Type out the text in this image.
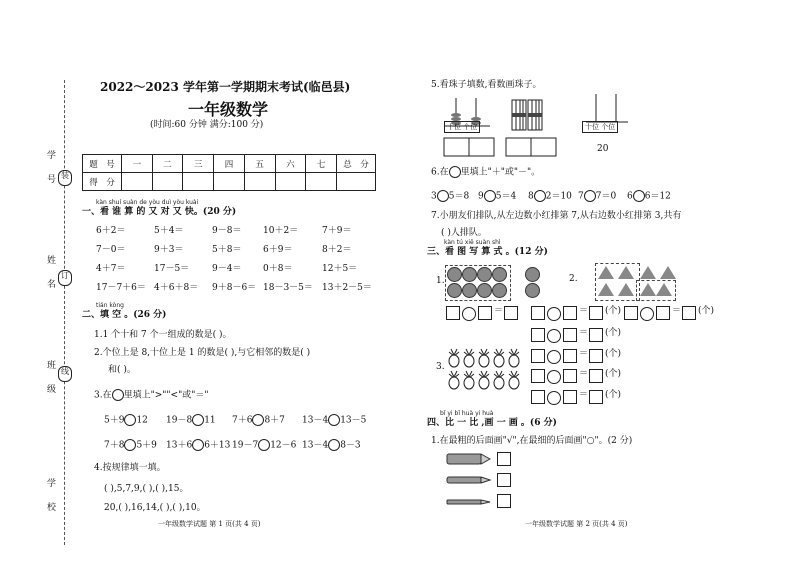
学 号
姓 名
班 级
学 校
装
订
线
2022～2023 学年第一学期期末考试(临邑县)
一年级数学
(时间:60 分钟 满分:100 分)
题　号	一	二	三	四	五	六	七	总　分
得　分								
kàn shuí suàn de yòu duì yòu kuài
一、看 谁 算 的 又 对 又 快。(20 分)
6＋2＝	5＋4＝	9－8＝ 10＋2＝	7＋9＝
7－0＝	9＋3＝	5＋8＝ 6＋9＝	8＋2＝
4＋7＝	17－5＝	9－4＝ 0＋8＝	12＋5＝
17－7＋6＝ 4＋6＋8＝ 9＋8－6＝ 18－3－5＝ 13＋2－5＝
tián kòng
二、填 空 。(26 分)
1.1 个十和 7 个一组成的数是( )。
2.个位上是 8,十位上是 1 的数是( ),与它相邻的数是( )
和( )。
3.在 里填上">""<"或"＝"
5＋9 12 19－8 11 7＋6 8＋7 13－4 13－5
7＋8 5＋9 13＋6 6＋13 19－7 12－6 13－4 8－3
4.按规律填一填。
( ),5,7,9,( ),( ),15。
20,( ),16,14,( ),( ),10。
一年级数学试题 第 1 页(共 4 页)
5.看珠子填数,看数画珠子。
十位 个位	十位 个位
20
6.在 里填上"＋"或"－"。
3 5＝8 9 5＝4 8 2＝10 7 7＝0 6 6＝12
7.小朋友们排队,从左边数小红排第 7,从右边数小红排第 3,共有
( )人排队。
kàn tú xiě suàn shì
三、看 图 写 算 式 。(12 分)
1.	2.
＝	＝ (个)	＝ (个)
＝ (个)
＝ (个)
＝ (个)
＝ (个)
3.
bǐ yi bǐ huà yi huà
四、比 一 比 ,画 一 画 。(6 分)
1.在最粗的后面画"√",在最细的后面画"○"。(2 分)
一年级数学试题 第 2 页(共 4 页)
